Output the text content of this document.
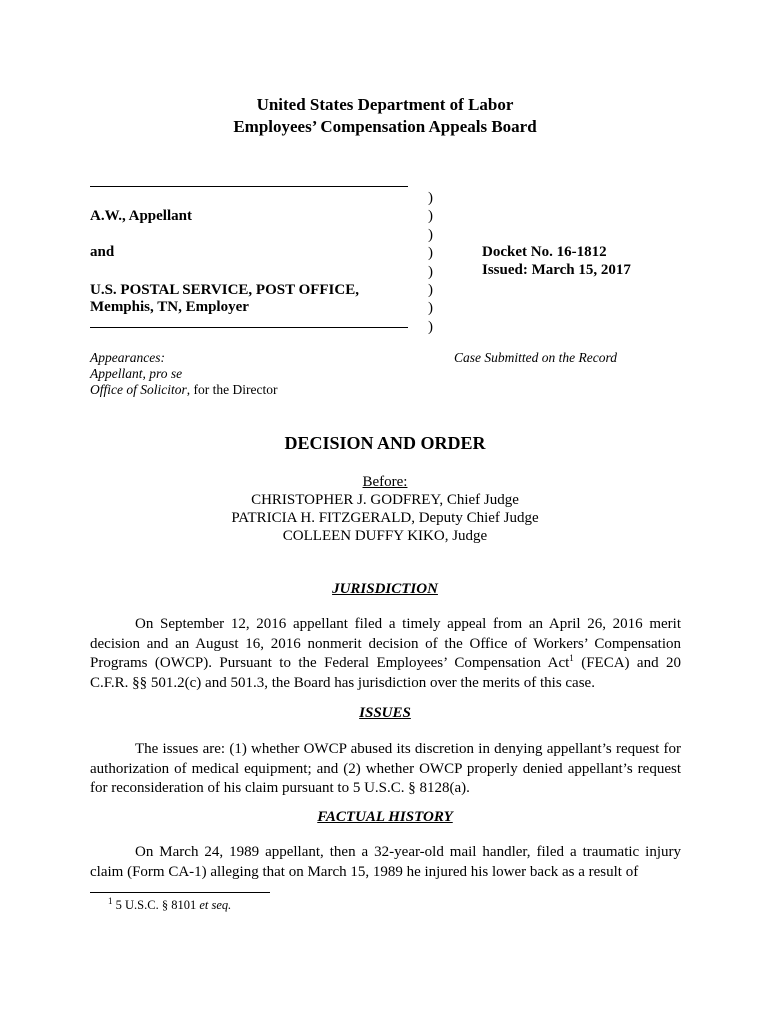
United States Department of Labor
Employees’ Compensation Appeals Board
A.W., Appellant
and
U.S. POSTAL SERVICE, POST OFFICE,
Memphis, TN, Employer
)
)
)
)
)
)
)
)
Docket No. 16-1812
Issued: March 15, 2017
Appearances:
Appellant, pro se
Office of Solicitor, for the Director
Case Submitted on the Record
DECISION AND ORDER
Before:
CHRISTOPHER J. GODFREY, Chief Judge
PATRICIA H. FITZGERALD, Deputy Chief Judge
COLLEEN DUFFY KIKO, Judge
JURISDICTION

On September 12, 2016 appellant filed a timely appeal from an April 26, 2016 merit decision and an August 16, 2016 nonmerit decision of the Office of Workers’ Compensation Programs (OWCP). Pursuant to the Federal Employees’ Compensation Act$^1$ (FECA) and 20 C.F.R. §§ 501.2(c) and 501.3, the Board has jurisdiction over the merits of this case.

ISSUES

The issues are: (1) whether OWCP abused its discretion in denying appellant’s request for authorization of medical equipment; and (2) whether OWCP properly denied appellant’s request for reconsideration of his claim pursuant to 5 U.S.C. § 8128(a).

FACTUAL HISTORY

On March 24, 1989 appellant, then a 32-year-old mail handler, filed a traumatic injury claim (Form CA-1) alleging that on March 15, 1989 he injured his lower back as a result of

$^1$ 5 U.S.C. § 8101 et seq.
